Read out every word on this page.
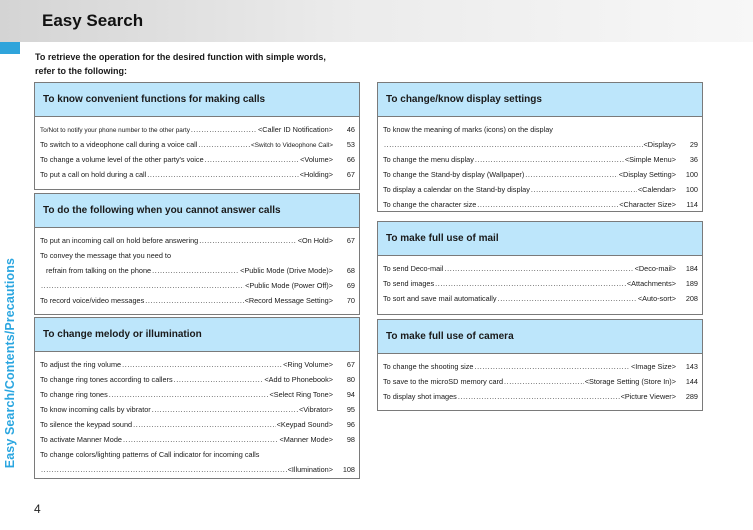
Easy Search
Easy Search/Contents/Precautions
To retrieve the operation for the desired function with simple words,
refer to the following:
To know convenient functions for making calls
To/Not to notify your phone number to the other party .....	<Caller ID Notification>	46
To switch to a videophone call during a voice call .....	<Switch to Videophone Call>	53
To change a volume level of the other party's voice .....	<Volume>	66
To put a call on hold during a call .....	<Holding>	67
To do the following when you cannot answer calls
To put an incoming call on hold before answering .....	<On Hold>	67
To convey the message that you need to
refrain from talking on the phone .....	<Public Mode (Drive Mode)>	68
.....
<Public Mode (Power Off)>	69
To record voice/video messages .....	<Record Message Setting>	70
To change melody or illumination
To adjust the ring volume .....	<Ring Volume>	67
To change ring tones according to callers .....	<Add to Phonebook>	80
To change ring tones .....	<Select Ring Tone>	94
To know incoming calls by vibrator .....	<Vibrator>	95
To silence the keypad sound .....	<Keypad Sound>	96
To activate Manner Mode .....	<Manner Mode>	98
To change colors/lighting patterns of Call indicator for incoming calls
.....
<Illumination>	108
To change/know display settings
To know the meaning of marks (icons) on the display
.....
<Display>	29
To change the menu display .....	<Simple Menu>	36
To change the Stand-by display (Wallpaper) .....	<Display Setting>	100
To display a calendar on the Stand-by display .....	<Calendar>	100
To change the character size .....	<Character Size>	114
To make full use of mail
To send Deco-mail .....	<Deco-mail>	184
To send images .....	<Attachments>	189
To sort and save mail automatically .....	<Auto-sort>	208
To make full use of camera
To change the shooting size .....	<Image Size>	143
To save to the microSD memory card .....	<Storage Setting (Store In)>	144
To display shot images .....	<Picture Viewer>	289
4
